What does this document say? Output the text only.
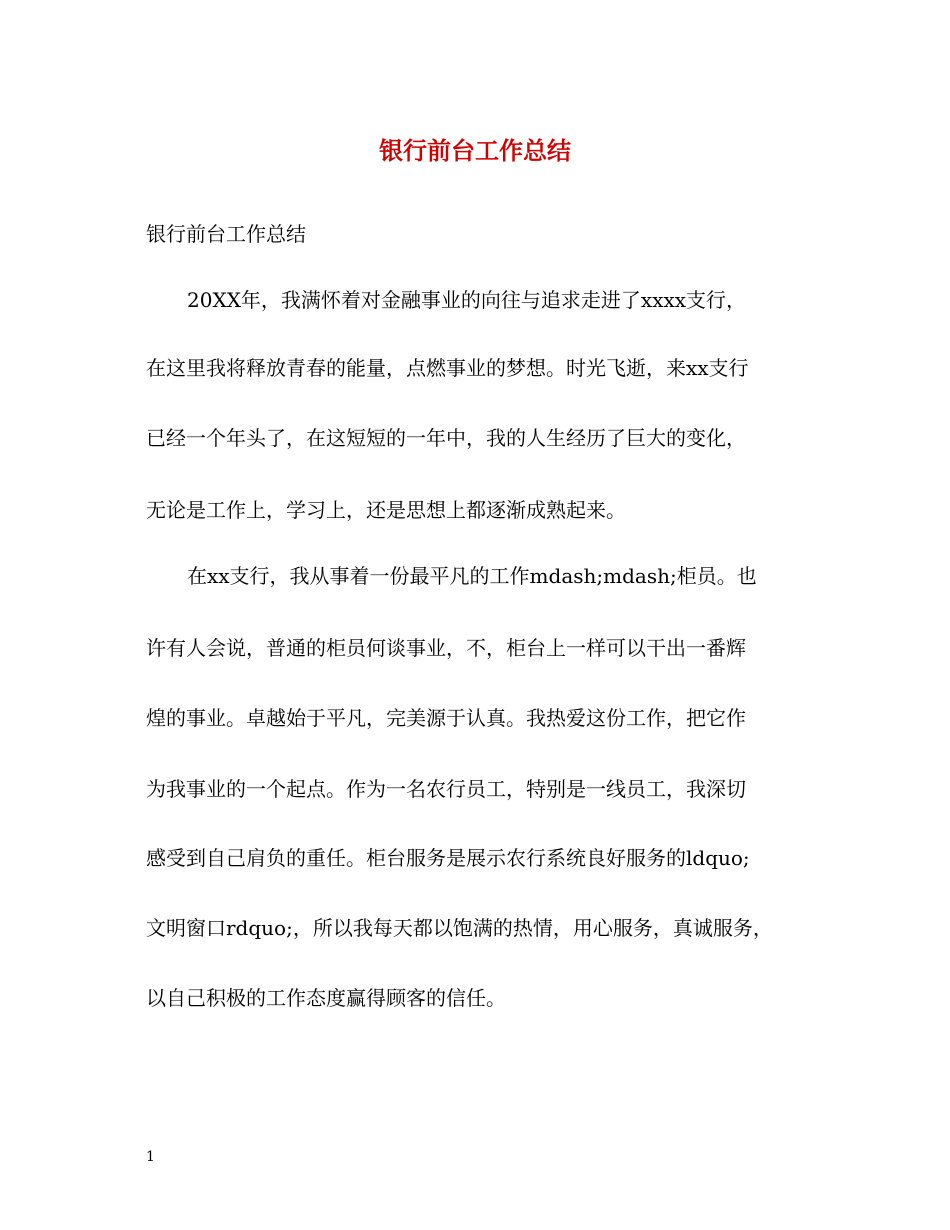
银行前台工作总结
银行前台工作总结
20XX年，我满怀着对金融事业的向往与追求走进了xxxx支行，
在这里我将释放青春的能量，点燃事业的梦想。时光飞逝，来xx支行
已经一个年头了，在这短短的一年中，我的人生经历了巨大的变化，
无论是工作上，学习上，还是思想上都逐渐成熟起来。
在xx支行，我从事着一份最平凡的工作mdash;mdash;柜员。也
许有人会说，普通的柜员何谈事业，不，柜台上一样可以干出一番辉
煌的事业。卓越始于平凡，完美源于认真。我热爱这份工作，把它作
为我事业的一个起点。作为一名农行员工，特别是一线员工，我深切
感受到自己肩负的重任。柜台服务是展示农行系统良好服务的ldquo;
文明窗口rdquo;，所以我每天都以饱满的热情，用心服务，真诚服务，
以自己积极的工作态度赢得顾客的信任。
1
